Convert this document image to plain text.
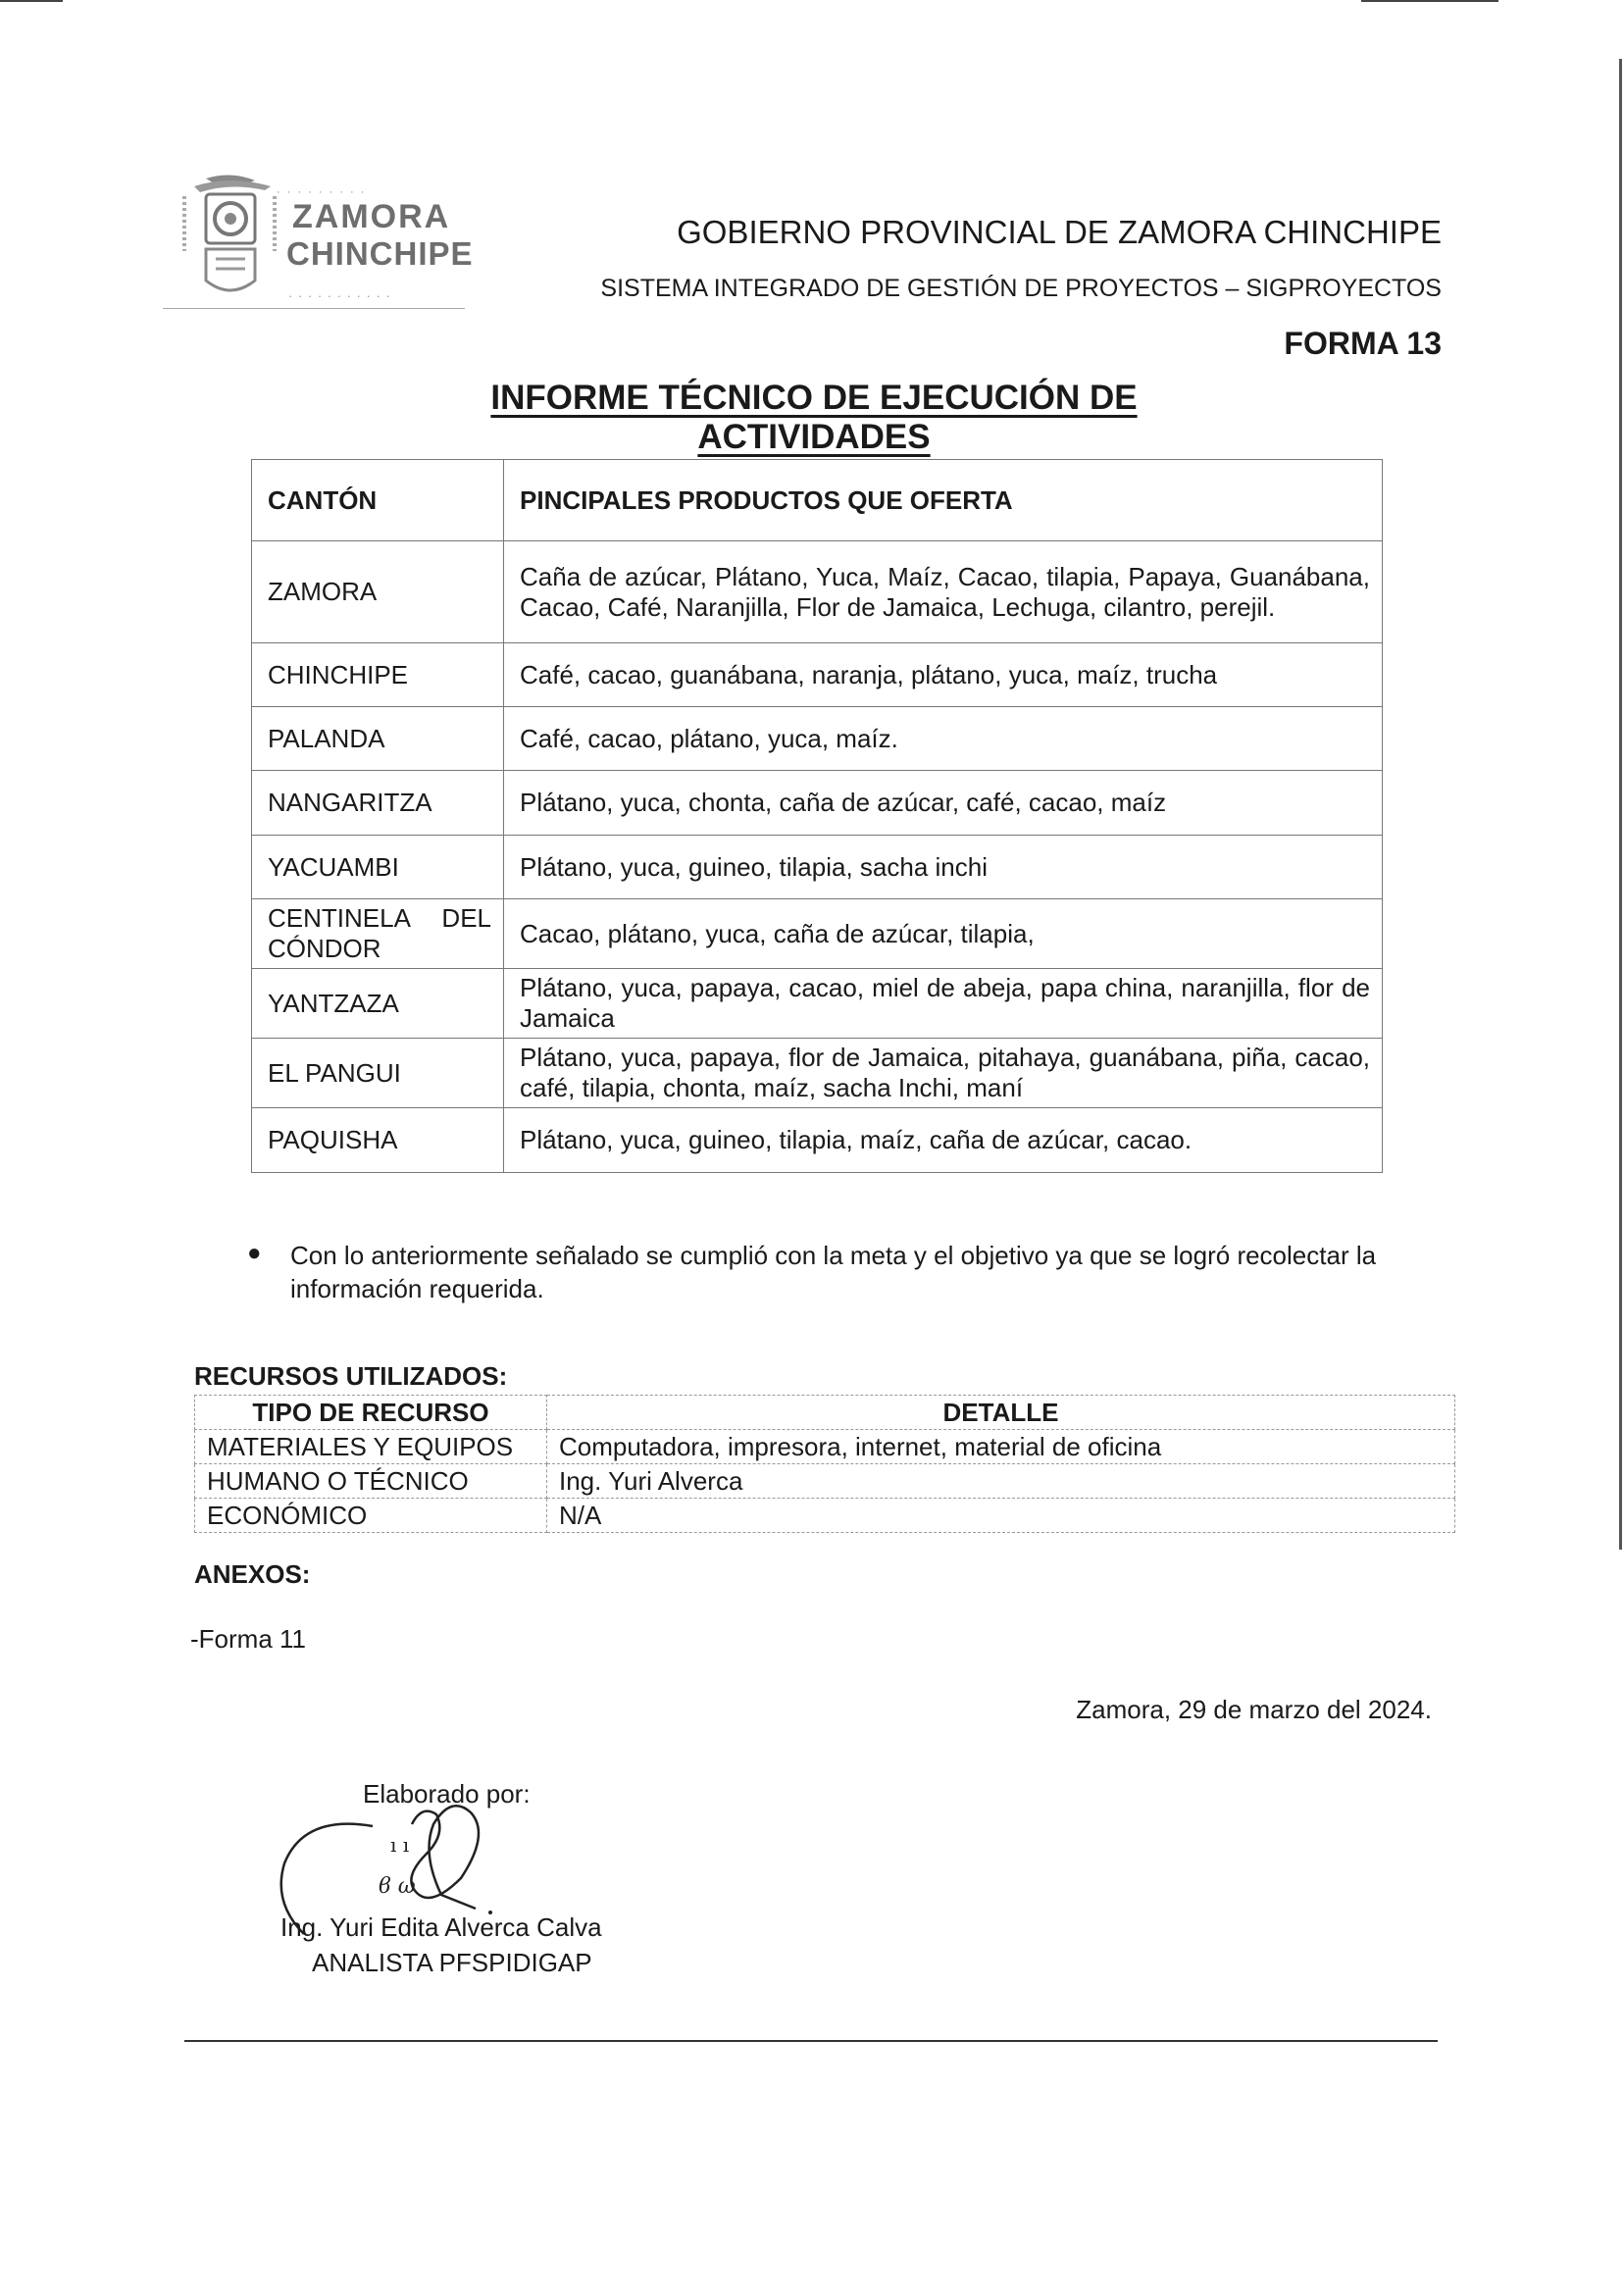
· · · · · · · · ·
ZAMORA
CHINCHIPE
· · · · · · · · · · ·
GOBIERNO PROVINCIAL DE ZAMORA CHINCHIPE
SISTEMA INTEGRADO DE GESTIÓN DE PROYECTOS – SIGPROYECTOS
FORMA 13
INFORME TÉCNICO DE EJECUCIÓN DE ACTIVIDADES
CANTÓN	PINCIPALES PRODUCTOS QUE OFERTA
ZAMORA	Caña de azúcar, Plátano, Yuca, Maíz, Cacao, tilapia, Papaya, Guanábana, Cacao, Café, Naranjilla, Flor de Jamaica, Lechuga, cilantro, perejil.
CHINCHIPE	Café, cacao, guanábana, naranja, plátano, yuca, maíz, trucha
PALANDA	Café, cacao, plátano, yuca, maíz.
NANGARITZA	Plátano, yuca, chonta, caña de azúcar, café, cacao, maíz
YACUAMBI	Plátano, yuca, guineo, tilapia, sacha inchi
CENTINELA DEL CÓNDOR	Cacao, plátano, yuca, caña de azúcar, tilapia,
YANTZAZA	Plátano, yuca, papaya, cacao, miel de abeja, papa china, naranjilla, flor de Jamaica
EL PANGUI	Plátano, yuca, papaya, flor de Jamaica, pitahaya, guanábana, piña, cacao, café, tilapia, chonta, maíz, sacha Inchi, maní
PAQUISHA	Plátano, yuca, guineo, tilapia, maíz, caña de azúcar, cacao.
● Con lo anteriormente señalado se cumplió con la meta y el objetivo ya que se logró recolectar la información requerida.
RECURSOS UTILIZADOS:
TIPO DE RECURSO	DETALLE
MATERIALES Y EQUIPOS	Computadora, impresora, internet, material de oficina
HUMANO O TÉCNICO	Ing. Yuri Alverca
ECONÓMICO	N/A
ANEXOS:
-Forma 11
Zamora, 29 de marzo del 2024.
Elaborado por:
ı ı
ϐ ω
Ing. Yuri Edita Alverca Calva
ANALISTA PFSPIDIGAP
